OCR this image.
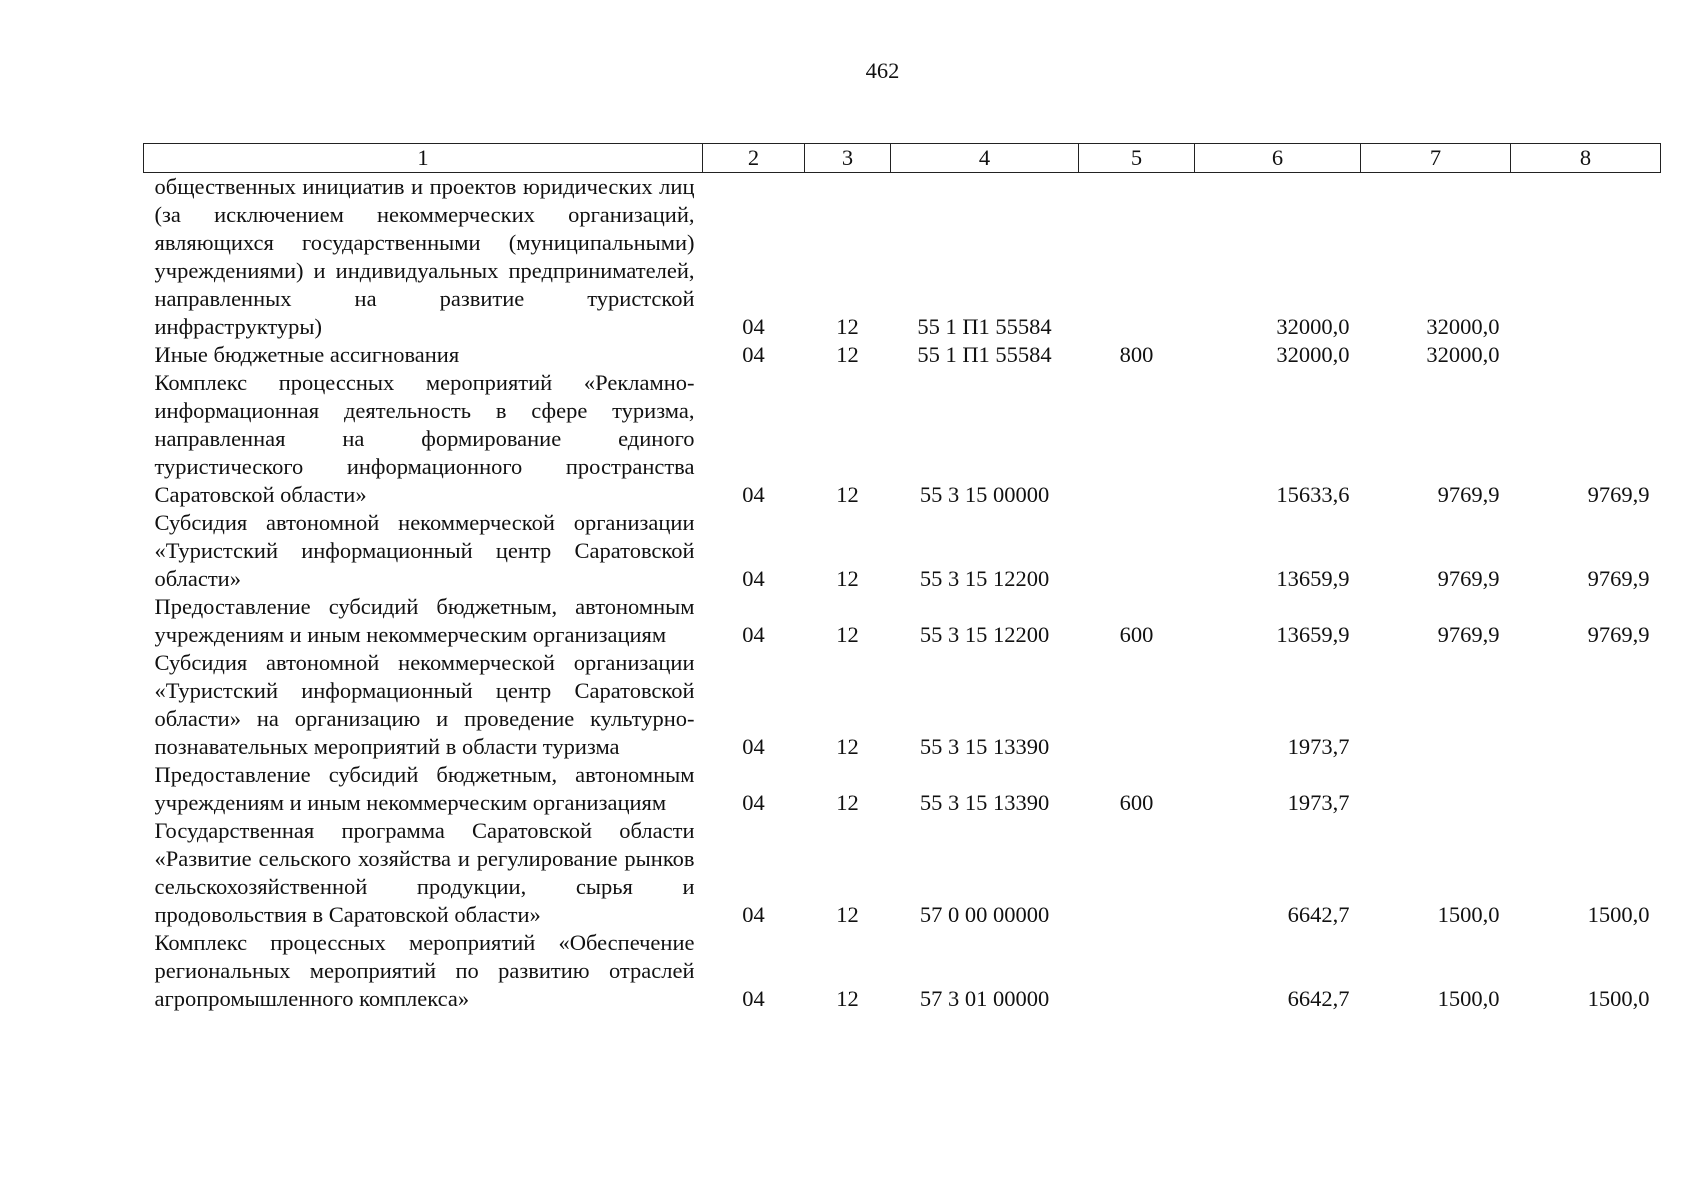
462
1	2	3	4	5	6	7	8

общественных инициатив и проектов юридических лиц (за исключением некоммерческих организаций, являющихся государственными (муниципальными) учреждениями) и индивидуальных предпринимателей, направленных на развитие туристской инфраструктуры)	04	12	55 1 П1 55584		32000,0	32000,0	

Иные бюджетные ассигнования	04	12	55 1 П1 55584	800	32000,0	32000,0	

Комплекс процессных мероприятий «Рекламно-информационная деятельность в сфере туризма, направленная на формирование единого туристического информационного пространства Саратовской области»	04	12	55 3 15 00000		15633,6	9769,9	9769,9

Субсидия автономной некоммерческой организации «Туристский информационный центр Саратовской области»	04	12	55 3 15 12200		13659,9	9769,9	9769,9

Предоставление субсидий бюджетным, автономным учреждениям и иным некоммерческим организациям	04	12	55 3 15 12200	600	13659,9	9769,9	9769,9

Субсидия автономной некоммерческой организации «Туристский информационный центр Саратовской области» на организацию и проведение культурно-познавательных мероприятий в области туризма	04	12	55 3 15 13390		1973,7		

Предоставление субсидий бюджетным, автономным учреждениям и иным некоммерческим организациям	04	12	55 3 15 13390	600	1973,7		

Государственная программа Саратовской области «Развитие сельского хозяйства и регулирование рынков сельскохозяйственной продукции, сырья и продовольствия в Саратовской области»	04	12	57 0 00 00000		6642,7	1500,0	1500,0

Комплекс процессных мероприятий «Обеспечение региональных мероприятий по развитию отраслей агропромышленного комплекса»	04	12	57 3 01 00000		6642,7	1500,0	1500,0
